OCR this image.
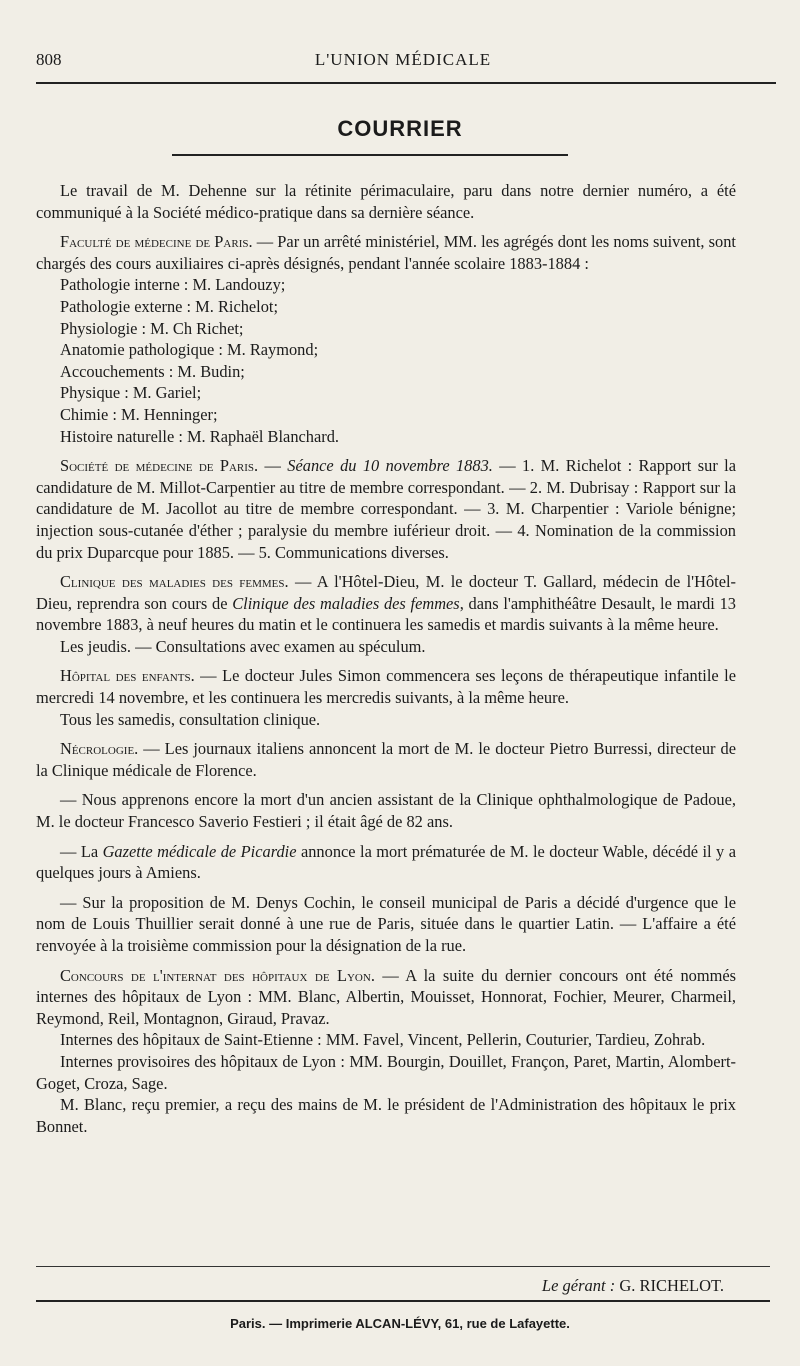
808	L'UNION MÉDICALE
COURRIER

Le travail de M. Dehenne sur la rétinite périmaculaire, paru dans notre dernier numéro, a été communiqué à la Société médico-pratique dans sa dernière séance.

Faculté de médecine de Paris. — Par un arrêté ministériel, MM. les agrégés dont les noms suivent, sont chargés des cours auxiliaires ci-après désignés, pendant l'année scolaire 1883-1884 :

Pathologie interne : M. Landouzy;
Pathologie externe : M. Richelot;
Physiologie : M. Ch Richet;
Anatomie pathologique : M. Raymond;
Accouchements : M. Budin;
Physique : M. Gariel;
Chimie : M. Henninger;
Histoire naturelle : M. Raphaël Blanchard.

Société de médecine de Paris. — Séance du 10 novembre 1883. — 1. M. Richelot : Rapport sur la candidature de M. Millot-Carpentier au titre de membre correspondant. — 2. M. Dubrisay : Rapport sur la candidature de M. Jacollot au titre de membre correspondant. — 3. M. Charpentier : Variole bénigne; injection sous-cutanée d'éther ; paralysie du membre iuférieur droit. — 4. Nomination de la commission du prix Duparcque pour 1885. — 5. Communications diverses.

Clinique des maladies des femmes. — A l'Hôtel-Dieu, M. le docteur T. Gallard, médecin de l'Hôtel-Dieu, reprendra son cours de Clinique des maladies des femmes, dans l'amphithéâtre Desault, le mardi 13 novembre 1883, à neuf heures du matin et le continuera les samedis et mardis suivants à la même heure.

Les jeudis. — Consultations avec examen au spéculum.

Hôpital des enfants. — Le docteur Jules Simon commencera ses leçons de thérapeutique infantile le mercredi 14 novembre, et les continuera les mercredis suivants, à la même heure.

Tous les samedis, consultation clinique.

Nécrologie. — Les journaux italiens annoncent la mort de M. le docteur Pietro Burressi, directeur de la Clinique médicale de Florence.

— Nous apprenons encore la mort d'un ancien assistant de la Clinique ophthalmologique de Padoue, M. le docteur Francesco Saverio Festieri ; il était âgé de 82 ans.

— La Gazette médicale de Picardie annonce la mort prématurée de M. le docteur Wable, décédé il y a quelques jours à Amiens.

— Sur la proposition de M. Denys Cochin, le conseil municipal de Paris a décidé d'urgence que le nom de Louis Thuillier serait donné à une rue de Paris, située dans le quartier Latin. — L'affaire a été renvoyée à la troisième commission pour la désignation de la rue.

Concours de l'internat des hôpitaux de Lyon. — A la suite du dernier concours ont été nommés internes des hôpitaux de Lyon : MM. Blanc, Albertin, Mouisset, Honnorat, Fochier, Meurer, Charmeil, Reymond, Reil, Montagnon, Giraud, Pravaz.

Internes des hôpitaux de Saint-Etienne : MM. Favel, Vincent, Pellerin, Couturier, Tardieu, Zohrab.

Internes provisoires des hôpitaux de Lyon : MM. Bourgin, Douillet, Françon, Paret, Martin, Alombert-Goget, Croza, Sage.

M. Blanc, reçu premier, a reçu des mains de M. le président de l'Administration des hôpitaux le prix Bonnet.

Le gérant : G. RICHELOT.
Paris. — Imprimerie ALCAN-LÉVY, 61, rue de Lafayette.
